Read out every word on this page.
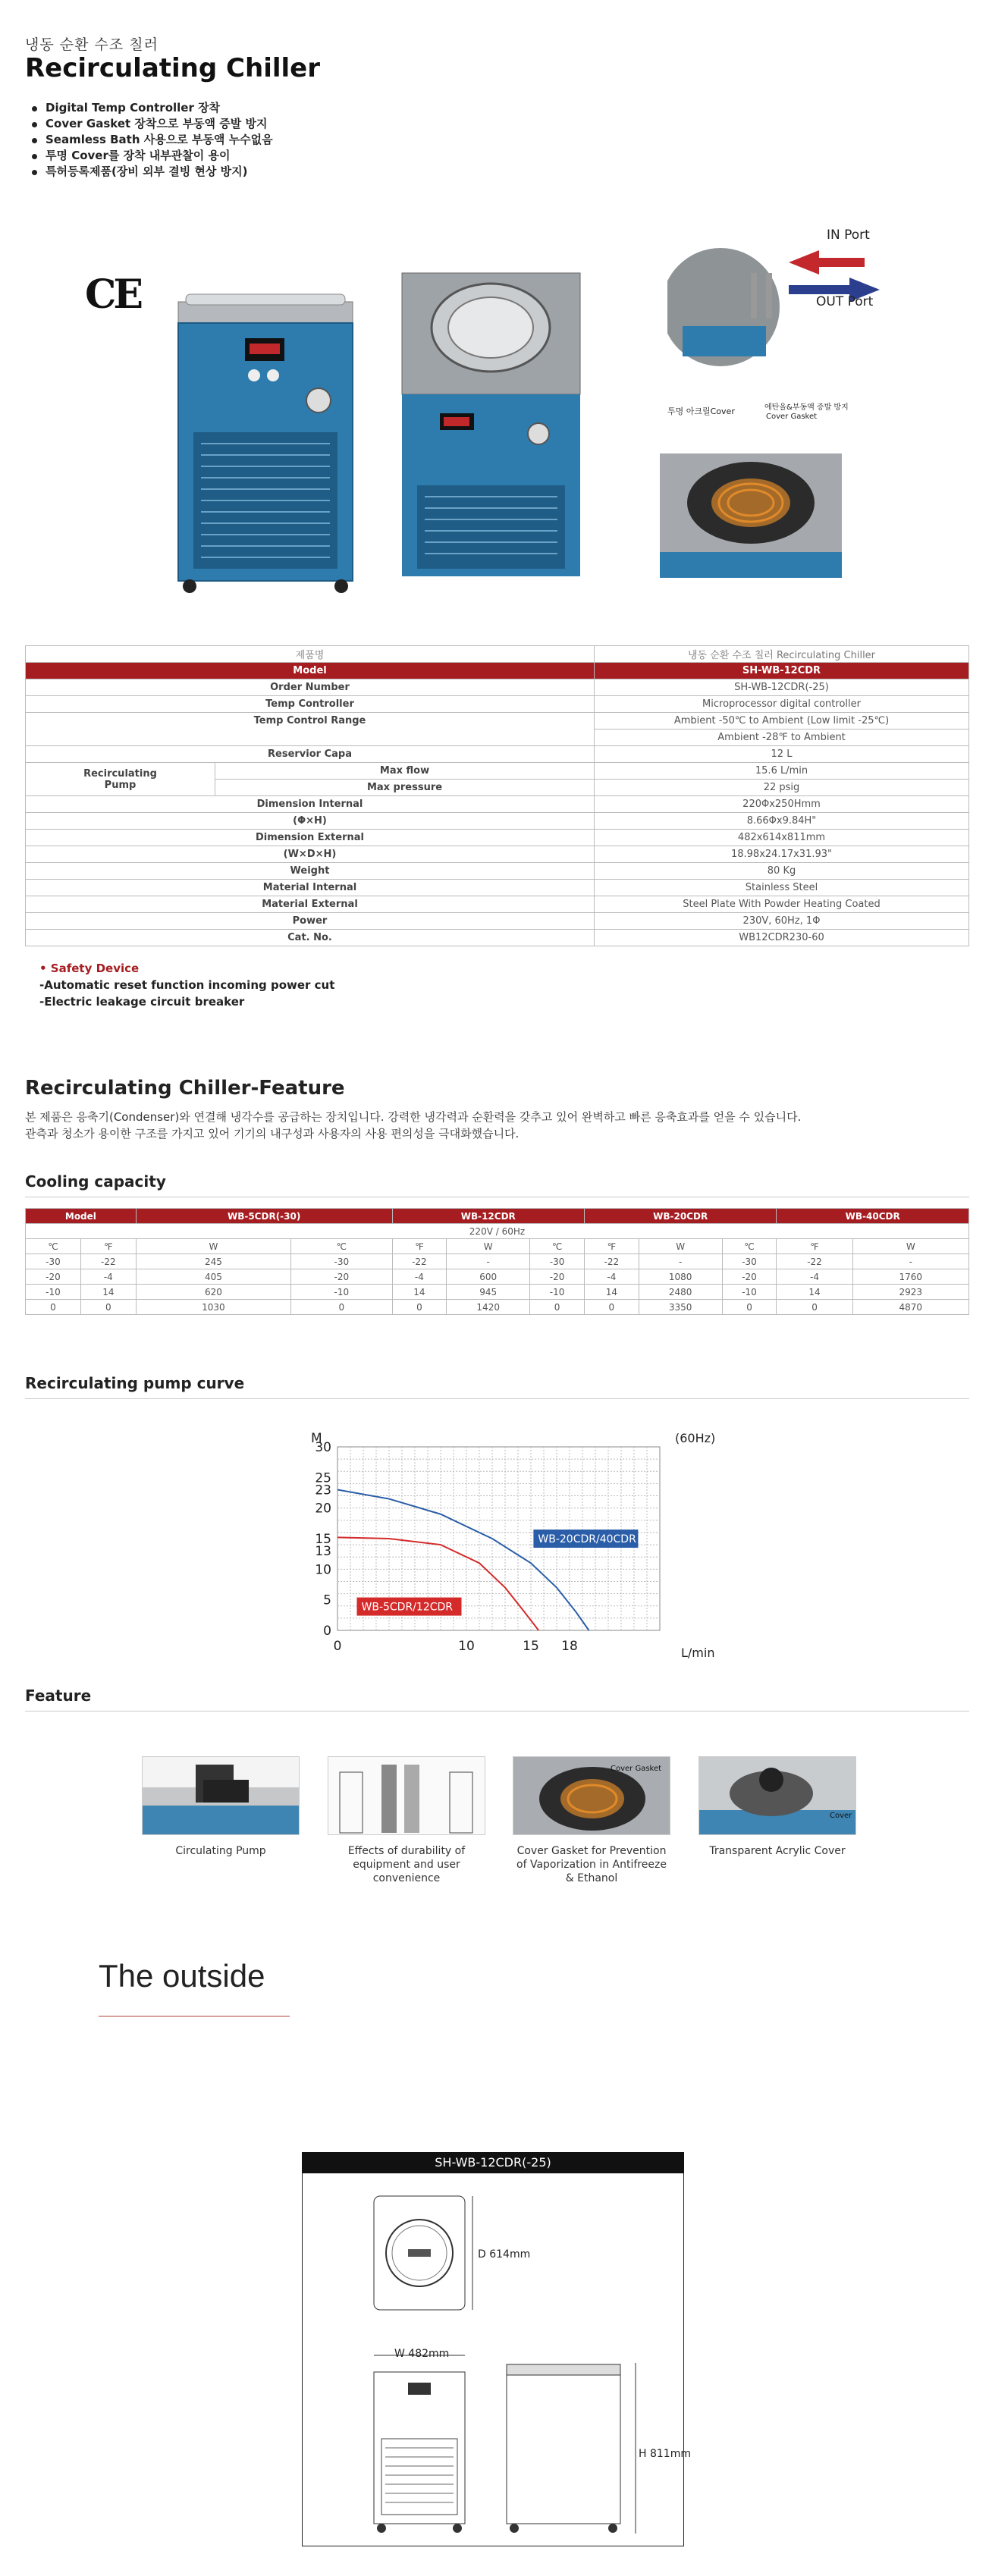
냉동 순환 수조 칠러
Recirculating Chiller
Digital Temp Controller 장착
Cover Gasket 장착으로 부동액 증발 방지
Seamless Bath 사용으로 부동액 누수없음
투명 Cover를 장착 내부관찰이 용이
특허등록제품(장비 외부 결빙 현상 방지)
CE
IN Port
OUT Port
투명 아크릴Cover	에탄올&부동액 증발 방지
Cover Gasket
제품명		냉동 순환 수조 칠러 Recirculating Chiller
Model		SH-WB-12CDR
Order Number		SH-WB-12CDR(-25)
Temp Controller		Microprocessor digital controller
Temp Control Range		Ambient -50℃ to Ambient (Low limit -25℃)
		Ambient -28℉ to Ambient
Reservior Capa		12 L

Recirculating
Pump	Max flow	15.6 L/min
	Max pressure	22 psig
Dimension Internal		220Φx250Hmm
(Φ×H)		8.66Φx9.84H"
Dimension External		482x614x811mm
(W×D×H)		18.98x24.17x31.93"
Weight		80 Kg
Material Internal		Stainless Steel
Material External		Steel Plate With Powder Heating Coated
Power		230V, 60Hz, 1Φ
Cat. No.		WB12CDR230-60
• Safety Device
-Automatic reset function incoming power cut
-Electric leakage circuit breaker
Recirculating Chiller-Feature
본 제품은 응축기(Condenser)와 연결해 냉각수를 공급하는 장치입니다. 강력한 냉각력과 순환력을 갖추고 있어 완벽하고 빠른 응축효과를 얻을 수 있습니다.
관측과 청소가 용이한 구조를 가지고 있어 기기의 내구성과 사용자의 사용 편의성을 극대화했습니다.
Cooling capacity
Model		WB-5CDR(-30)		WB-12CDR			WB-20CDR			WB-40CDR	
220V / 60Hz											
℃	℉	W	℃	℉	W	℃	℉	W	℃	℉	W
-30	-22	245	-30	-22	-	-30	-22	-	-30	-22	-
-20	-4	405	-20	-4	600	-20	-4	1080	-20	-4	1760
-10	14	620	-10	14	945	-10	14	2480	-10	14	2923
0	0	1030	0	0	1420	0	0	3350	0	0	4870
Recirculating pump curve
0
5
10
13
15
20
23
25
30
0	10	15 18
WB-5CDR/12CDR
WB-20CDR/40CDR
M	(60Hz)
L/min
Feature
Circulating Pump	Effects of durability of equipment and user convenience
Cover Gasket
Cover Gasket for Prevention of Vaporization in Antifreeze & Ethanol
Cover
Transparent Acrylic Cover
The outside
SH-WB-12CDR(-25)
D 614mm
W 482mm
H 811mm
